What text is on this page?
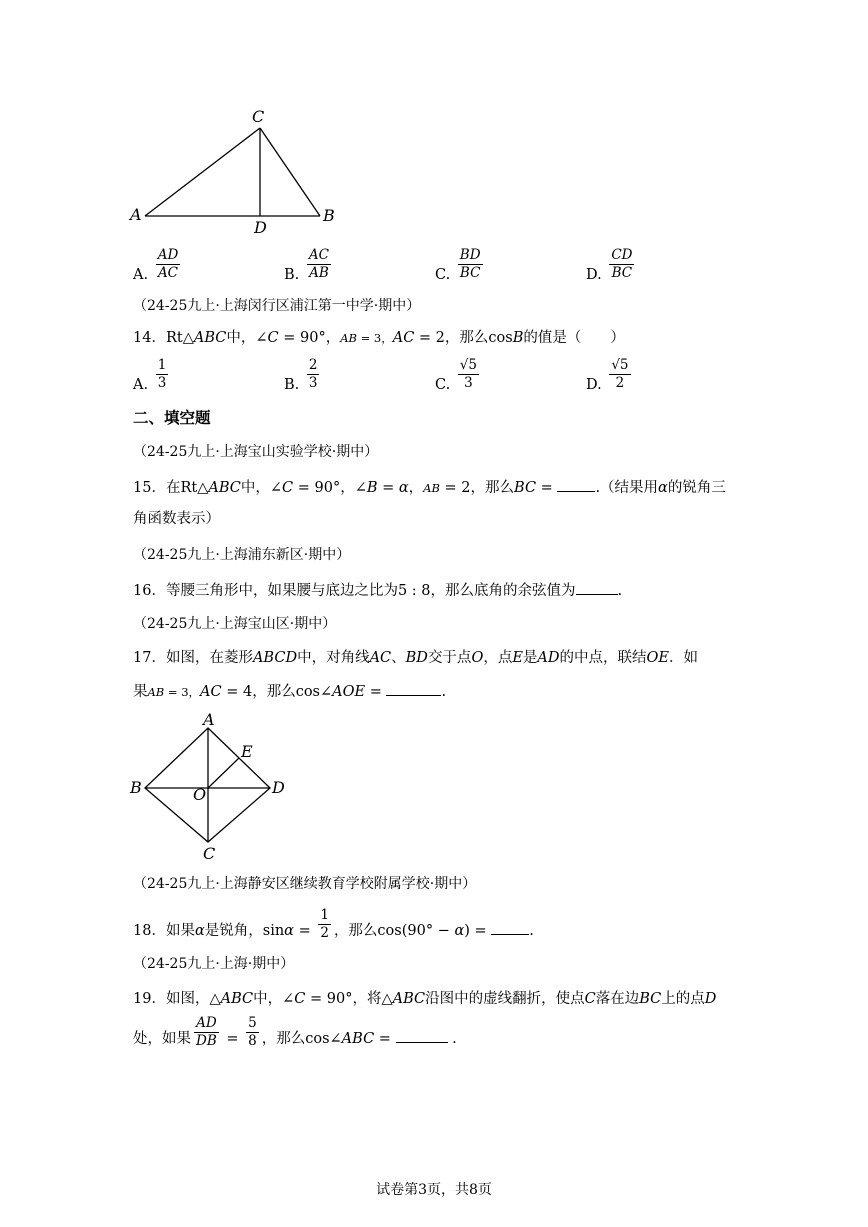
C
A	B
D
A. $\frac{AD}{AC}$	B. $\frac{AC}{AB}$	C. $\frac{BD}{BC}$	D. $\frac{CD}{BC}$
（24-25九上·上海闵行区浦江第一中学·期中）
14．Rt△ABC中，∠C = 90°，AB = 3，AC = 2，那么cosB的值是（　　）
A. $\frac{1}{3}$	B. $\frac{2}{3}$	C. $\frac{√5}{3}$	D. $\frac{√5}{2}$
二、填空题
（24-25九上·上海宝山实验学校·期中）
15．在Rt△ABC中，∠C = 90°，∠B = α，AB = 2，那么BC =	.（结果用α的锐角三
角函数表示）
（24-25九上·上海浦东新区·期中）
16．等腰三角形中，如果腰与底边之比为5 : 8，那么底角的余弦值为	.
（24-25九上·上海宝山区·期中）
17．如图，在菱形ABCD中，对角线AC、BD交于点O，点E是AD的中点，联结OE．如
果AB = 3，AC = 4，那么cos∠AOE =	.
A
E
B	O	D
C
（24-25九上·上海静安区继续教育学校附属学校·期中）
18．如果α是锐角，$\sin\alpha = \frac{1}{2}$ ，那么cos(90° − α) =	.
（24-25九上·上海·期中）
19．如图，△ABC中，∠C = 90°，将△ABC沿图中的虚线翻折，使点C落在边BC上的点D
处，如果 $\frac{AD}{DB} = \frac{5}{8}$ ，那么cos∠ABC =	.
试卷第3页，共8页
